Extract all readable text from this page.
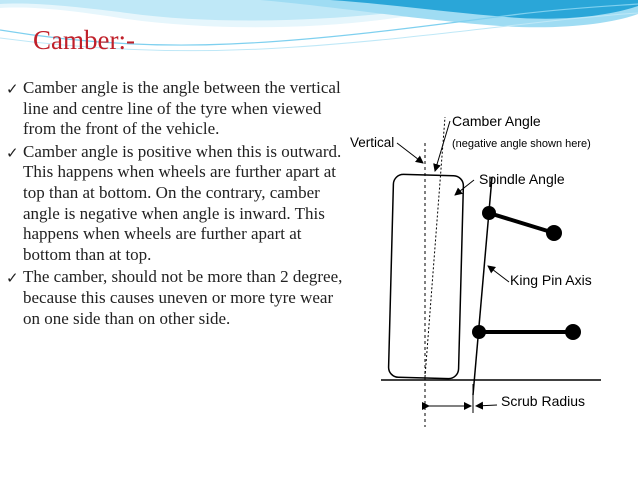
Camber:-
✓ Camber angle is the angle between the vertical line and centre line of the tyre when viewed from the front of the vehicle.
✓ Camber angle is positive when this is outward. This happens when wheels are further apart at top than at bottom. On the contrary, camber angle is negative when angle is inward. This happens when wheels are further apart at bottom than at top.
✓ The camber, should not be more than 2 degree, because this causes uneven or more tyre wear on one side than on other side.
Vertical
Camber Angle
(negative angle shown here)
Spindle Angle
King Pin Axis
Scrub Radius
